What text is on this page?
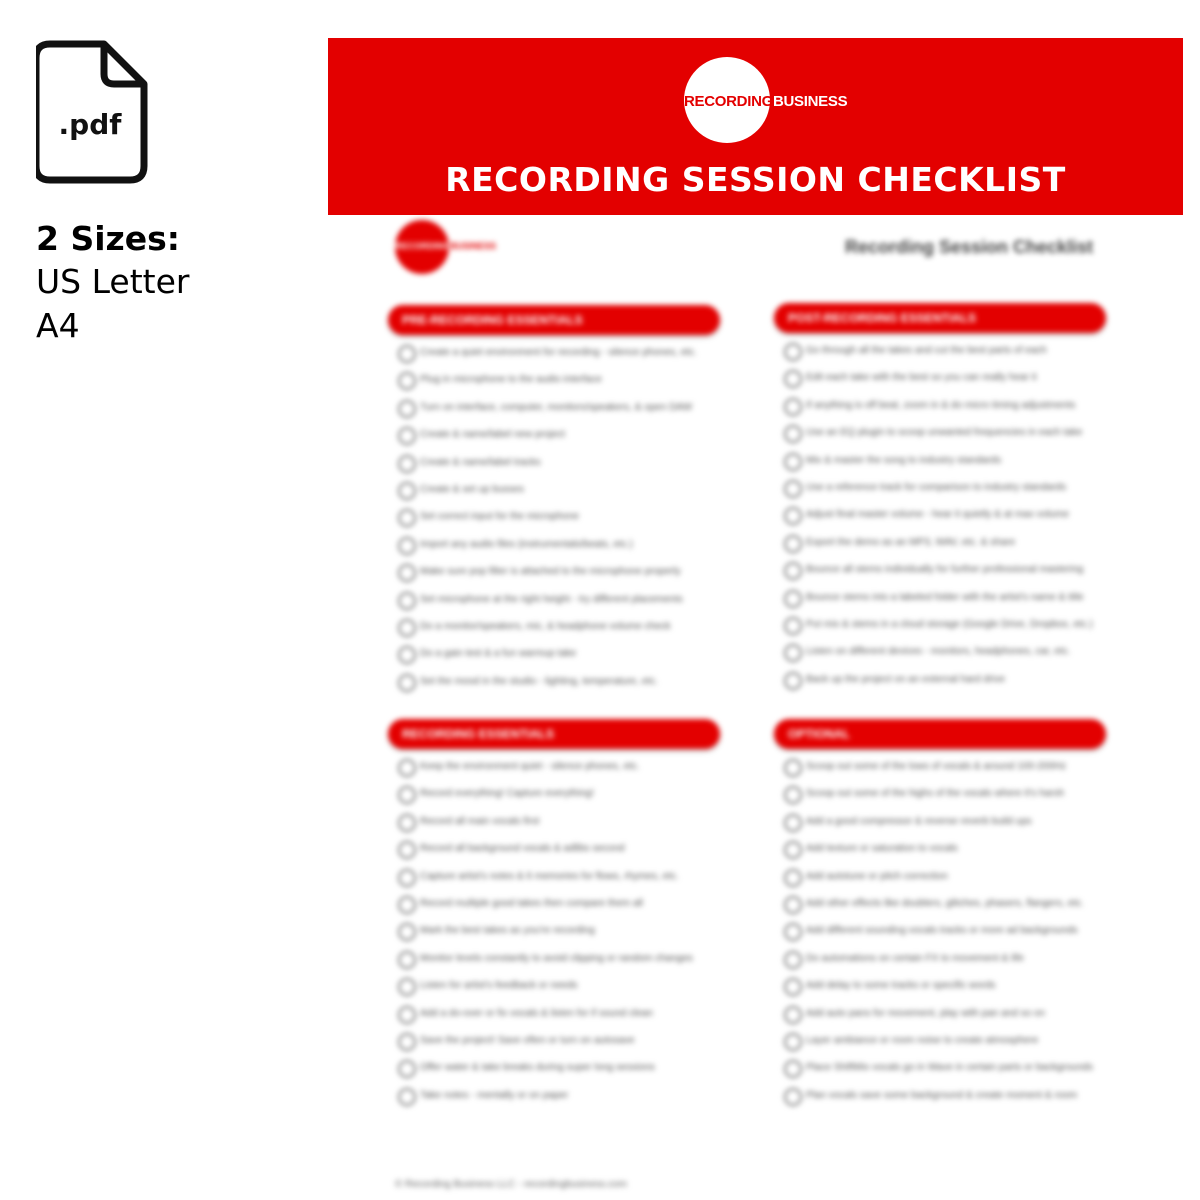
.pdf
2 Sizes:
US Letter
A4
RECORDINGBUSINESS
RECORDING SESSION CHECKLIST
RECORDINGBUSINESS	Recording Session Checklist
PRE-RECORDING ESSENTIALS
Create a quiet environment for recording - silence phones, etc.
Plug in microphone to the audio interface
Turn on interface, computer, monitors/speakers, & open DAW
Create & name/label new project
Create & name/label tracks
Create & set up busses
Set correct input for the microphone
Import any audio files (instrumentals/beats, etc.)
Make sure pop filter is attached to the microphone properly
Set microphone at the right height - try different placements
Do a monitor/speakers, mic, & headphone volume check
Do a gain test & a fun warmup take
Set the mood in the studio - lighting, temperature, etc.
POST-RECORDING ESSENTIALS
Go through all the takes and cut the best parts of each
Edit each take with the best so you can really hear it
If anything is off beat, zoom in & do micro timing adjustments
Use an EQ plugin to scoop unwanted frequencies in each take
Mix & master the song to industry standards
Use a reference track for comparison to industry standards
Adjust final master volume - hear it quietly & at max volume
Export the demo as an MP3, WAV, etc. & share
Bounce all stems individually for further professional mastering
Bounce stems into a labeled folder with the artist's name & title
Put mix & stems in a cloud storage (Google Drive, Dropbox, etc.)
Listen on different devices - monitors, headphones, car, etc.
Back up the project on an external hard drive
RECORDING ESSENTIALS
Keep the environment quiet - silence phones, etc.
Record everything! Capture everything!
Record all main vocals first
Record all background vocals & adlibs second
Capture artist's notes & 6 memories for flows, rhymes, etc.
Record multiple good takes then compare them all
Mark the best takes as you're recording
Monitor levels constantly to avoid clipping or random changes
Listen for artist's feedback or needs
Add a do-over or fix vocals & listen for if sound clean
Save the project! Save often or turn on autosave
Offer water & take breaks during super long sessions
Take notes - mentally or on paper
OPTIONAL
Scoop out some of the lows of vocals & around 100-200Hz
Scoop out some of the highs of the vocals where it's harsh
Add a good compressor & reverse reverb build ups
Add texture or saturation to vocals
Add autotune or pitch correction
Add other effects like doublers, glitches, phasers, flangers, etc.
Add different sounding vocals tracks or more ad backgrounds
Do automations on certain FX to movement & life
Add delay to some tracks or specific words
Add auto pans for movement, play with pan and so on
Layer ambiance or room noise to create atmosphere
Place ShiftMix vocals go in Wave in certain parts or backgrounds
Plan vocals save some background & create moment & room
© Recording Business LLC - recordingbusiness.com
